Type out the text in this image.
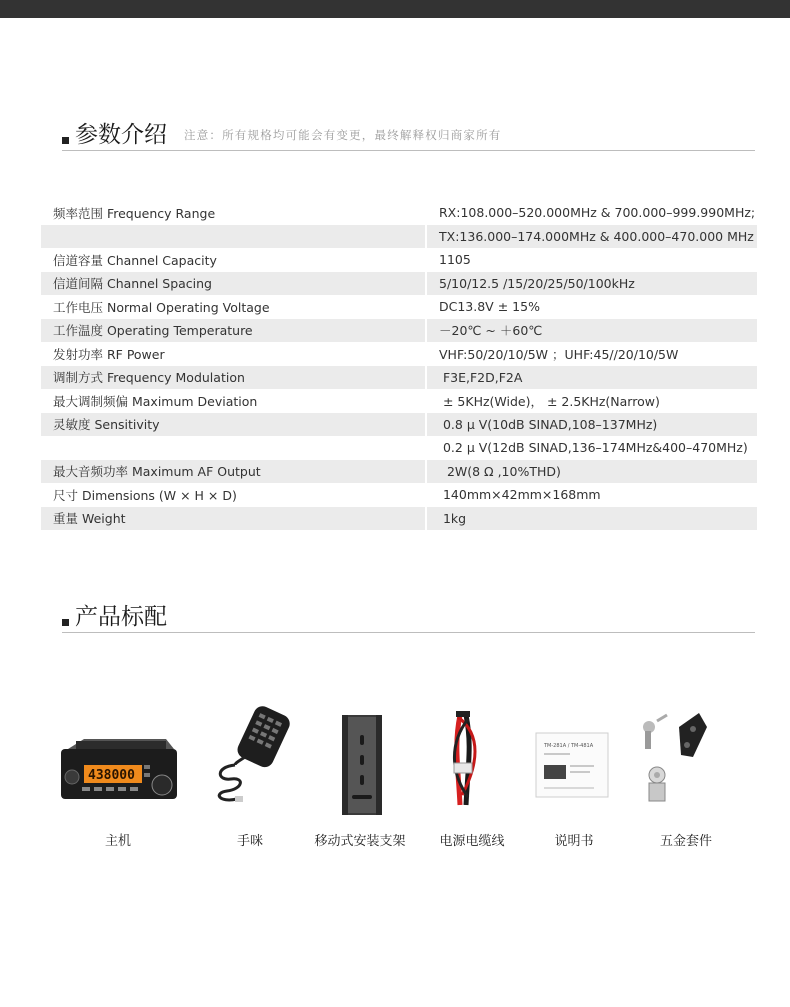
参数介绍 注意：所有规格均可能会有变更，最终解释权归商家所有
频率范围 Frequency Range	RX:108.000–520.000MHz & 700.000–999.990MHz;
	TX:136.000–174.000MHz & 400.000–470.000 MHz
信道容量 Channel Capacity	1105
信道间隔 Channel Spacing	5/10/12.5 /15/20/25/50/100kHz
工作电压 Normal Operating Voltage	DC13.8V ± 15%
工作温度 Operating Temperature	－20℃ ~ ＋60℃
发射功率 RF Power	VHF:50/20/10/5W ；UHF:45//20/10/5W
调制方式 Frequency Modulation	F3E,F2D,F2A
最大调制频偏 Maximum Deviation	± 5KHz(Wide)， ± 2.5KHz(Narrow)
灵敏度 Sensitivity	0.8 μ V(10dB SINAD,108–137MHz)
	0.2 μ V(12dB SINAD,136–174MHz&400–470MHz)
最大音频功率 Maximum AF Output	2W(8 Ω ,10%THD)
尺寸 Dimensions (W × H × D)	140mm×42mm×168mm
重量 Weight	1kg
产品标配
438000
主机	手咪	移动式安装支架	电源电缆线
TM-281A / TM-481A
说明书	五金套件
